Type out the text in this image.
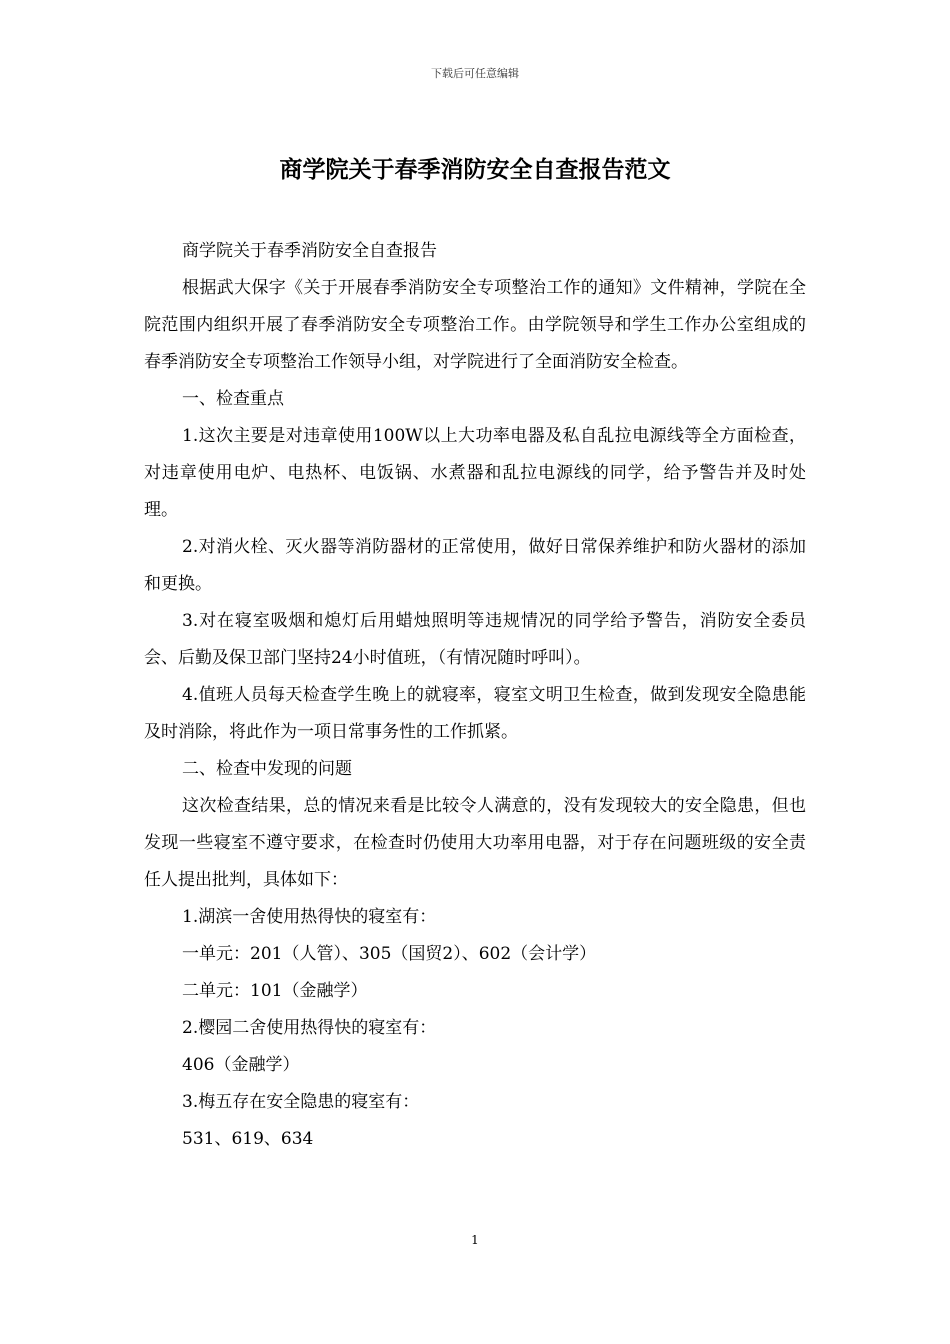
下载后可任意编辑
商学院关于春季消防安全自查报告范文

商学院关于春季消防安全自查报告

根据武大保字《关于开展春季消防安全专项整治工作的通知》文件精神，学院在全院范围内组织开展了春季消防安全专项整治工作。由学院领导和学生工作办公室组成的春季消防安全专项整治工作领导小组，对学院进行了全面消防安全检查。

一、检查重点

1.这次主要是对违章使用100W以上大功率电器及私自乱拉电源线等全方面检查，对违章使用电炉、电热杯、电饭锅、水煮器和乱拉电源线的同学，给予警告并及时处理。

2.对消火栓、灭火器等消防器材的正常使用，做好日常保养维护和防火器材的添加和更换。

3.对在寝室吸烟和熄灯后用蜡烛照明等违规情况的同学给予警告，消防安全委员会、后勤及保卫部门坚持24小时值班，（有情况随时呼叫）。

4.值班人员每天检查学生晚上的就寝率，寝室文明卫生检查，做到发现安全隐患能及时消除，将此作为一项日常事务性的工作抓紧。

二、检查中发现的问题

这次检查结果，总的情况来看是比较令人满意的，没有发现较大的安全隐患，但也发现一些寝室不遵守要求，在检查时仍使用大功率用电器，对于存在问题班级的安全责任人提出批判，具体如下：

1.湖滨一舍使用热得快的寝室有：

一单元：201（人管）、305（国贸2）、602（会计学）

二单元：101（金融学）

2.樱园二舍使用热得快的寝室有：

406（金融学）

3.梅五存在安全隐患的寝室有：

531、619、634

1
